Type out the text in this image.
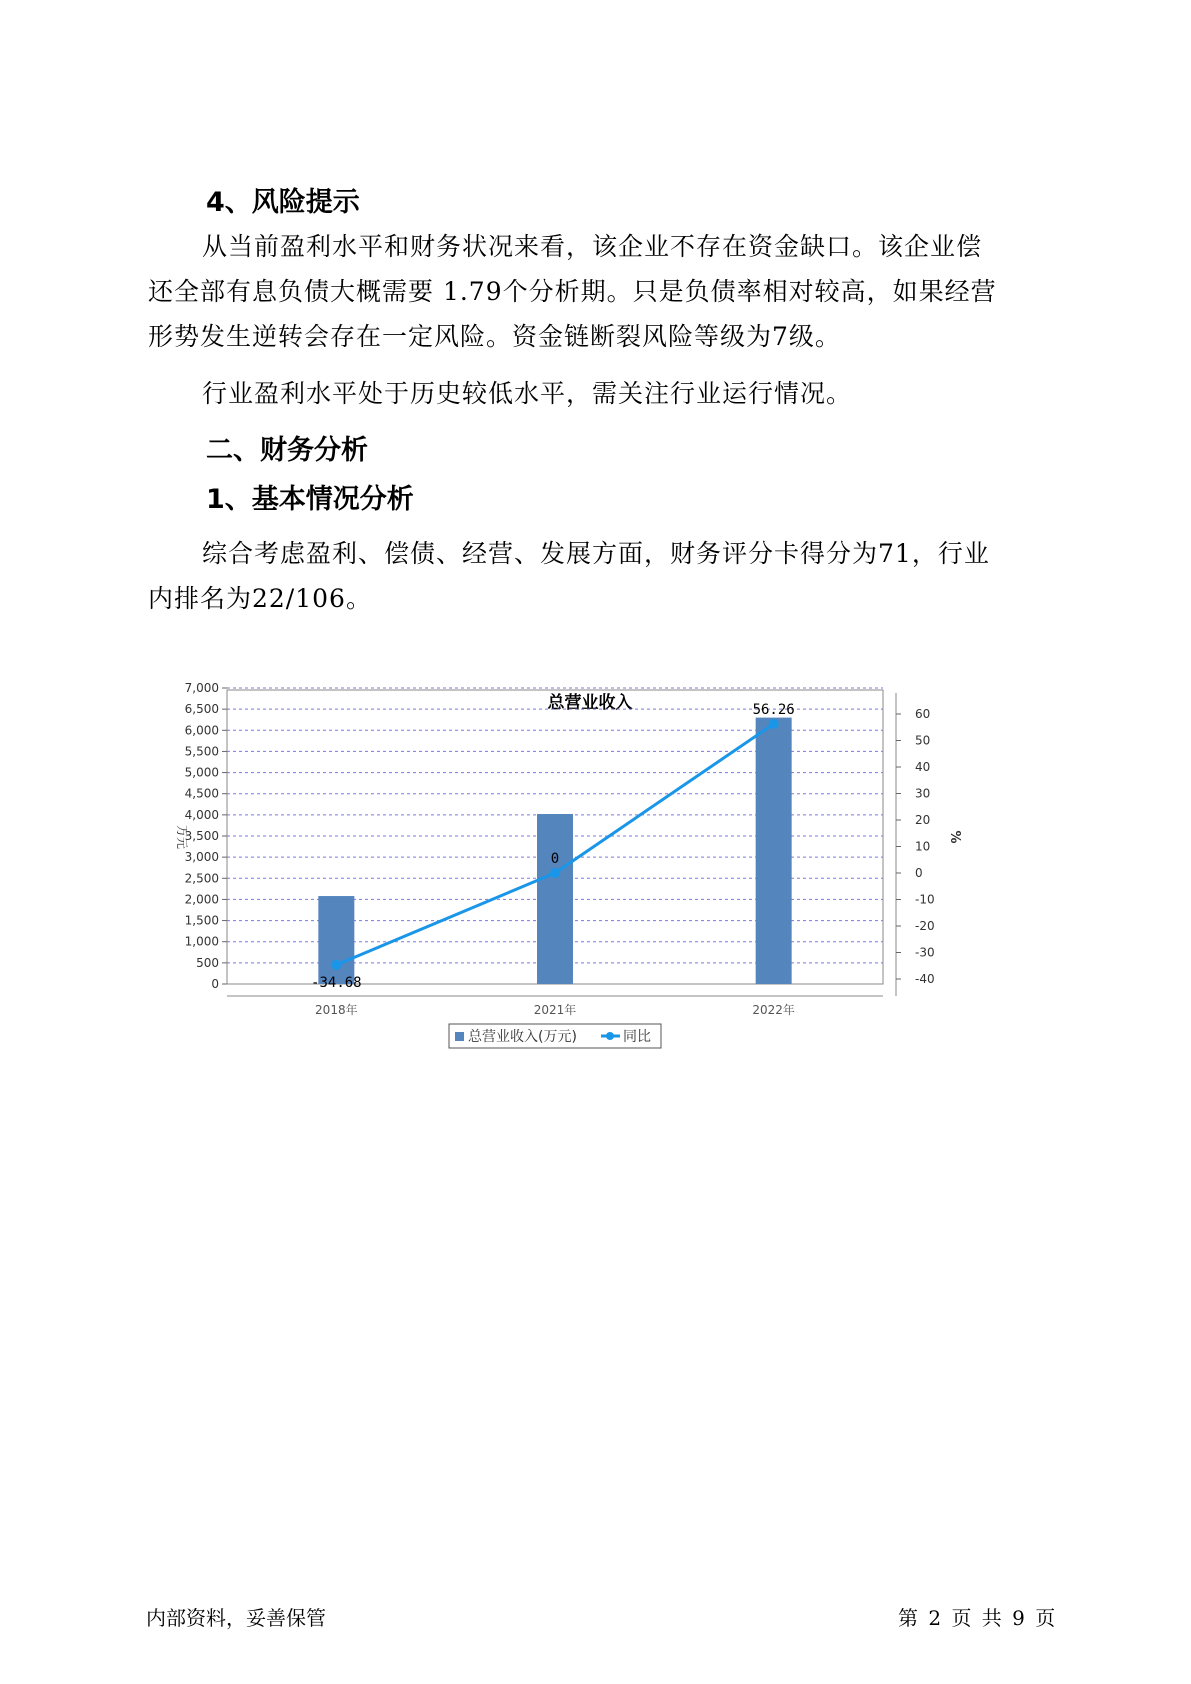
4、风险提示
从当前盈利水平和财务状况来看，该企业不存在资金缺口。该企业偿
还全部有息负债大概需要 1.79个分析期。只是负债率相对较高，如果经营
形势发生逆转会存在一定风险。资金链断裂风险等级为7级。
行业盈利水平处于历史较低水平，需关注行业运行情况。
二、财务分析
1、基本情况分析
综合考虑盈利、偿债、经营、发展方面，财务评分卡得分为71，行业
内排名为22/106。
总营业收入
7,000
6,500
6,000
5,500
5,000
4,500
4,000
3,500
3,000
2,500
2,000
1,500
1,000
500
0
60
50
40
30
20
10
0
-10
-20
-30
-40
万元	%
2018年	2021年	2022年
-34.68
0
56.26
总营业收入(万元)	同比
内部资料，妥善保管	第 2 页 共 9 页
